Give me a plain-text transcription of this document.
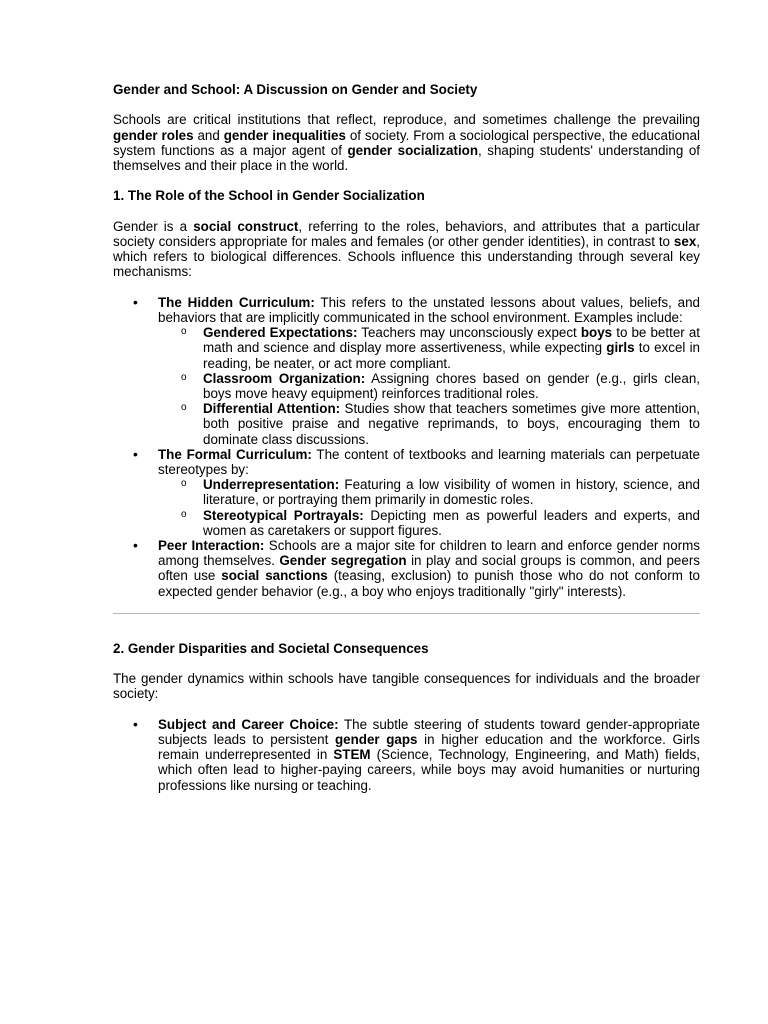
Gender and School: A Discussion on Gender and Society

Schools are critical institutions that reflect, reproduce, and sometimes challenge the prevailing gender roles and gender inequalities of society. From a sociological perspective, the educational system functions as a major agent of gender socialization, shaping students' understanding of themselves and their place in the world.

1. The Role of the School in Gender Socialization

Gender is a social construct, referring to the roles, behaviors, and attributes that a particular society considers appropriate for males and females (or other gender identities), in contrast to sex, which refers to biological differences. Schools influence this understanding through several key mechanisms:

• The Hidden Curriculum: This refers to the unstated lessons about values, beliefs, and behaviors that are implicitly communicated in the school environment. Examples include:
o Gendered Expectations: Teachers may unconsciously expect boys to be better at math and science and display more assertiveness, while expecting girls to excel in reading, be neater, or act more compliant.
o Classroom Organization: Assigning chores based on gender (e.g., girls clean, boys move heavy equipment) reinforces traditional roles.
o Differential Attention: Studies show that teachers sometimes give more attention, both positive praise and negative reprimands, to boys, encouraging them to dominate class discussions.
• The Formal Curriculum: The content of textbooks and learning materials can perpetuate stereotypes by:
o Underrepresentation: Featuring a low visibility of women in history, science, and literature, or portraying them primarily in domestic roles.
o Stereotypical Portrayals: Depicting men as powerful leaders and experts, and women as caretakers or support figures.
• Peer Interaction: Schools are a major site for children to learn and enforce gender norms among themselves. Gender segregation in play and social groups is common, and peers often use social sanctions (teasing, exclusion) to punish those who do not conform to expected gender behavior (e.g., a boy who enjoys traditionally "girly" interests).
2. Gender Disparities and Societal Consequences

The gender dynamics within schools have tangible consequences for individuals and the broader society:

• Subject and Career Choice: The subtle steering of students toward gender-appropriate subjects leads to persistent gender gaps in higher education and the workforce. Girls remain underrepresented in STEM (Science, Technology, Engineering, and Math) fields, which often lead to higher-paying careers, while boys may avoid humanities or nurturing professions like nursing or teaching.
